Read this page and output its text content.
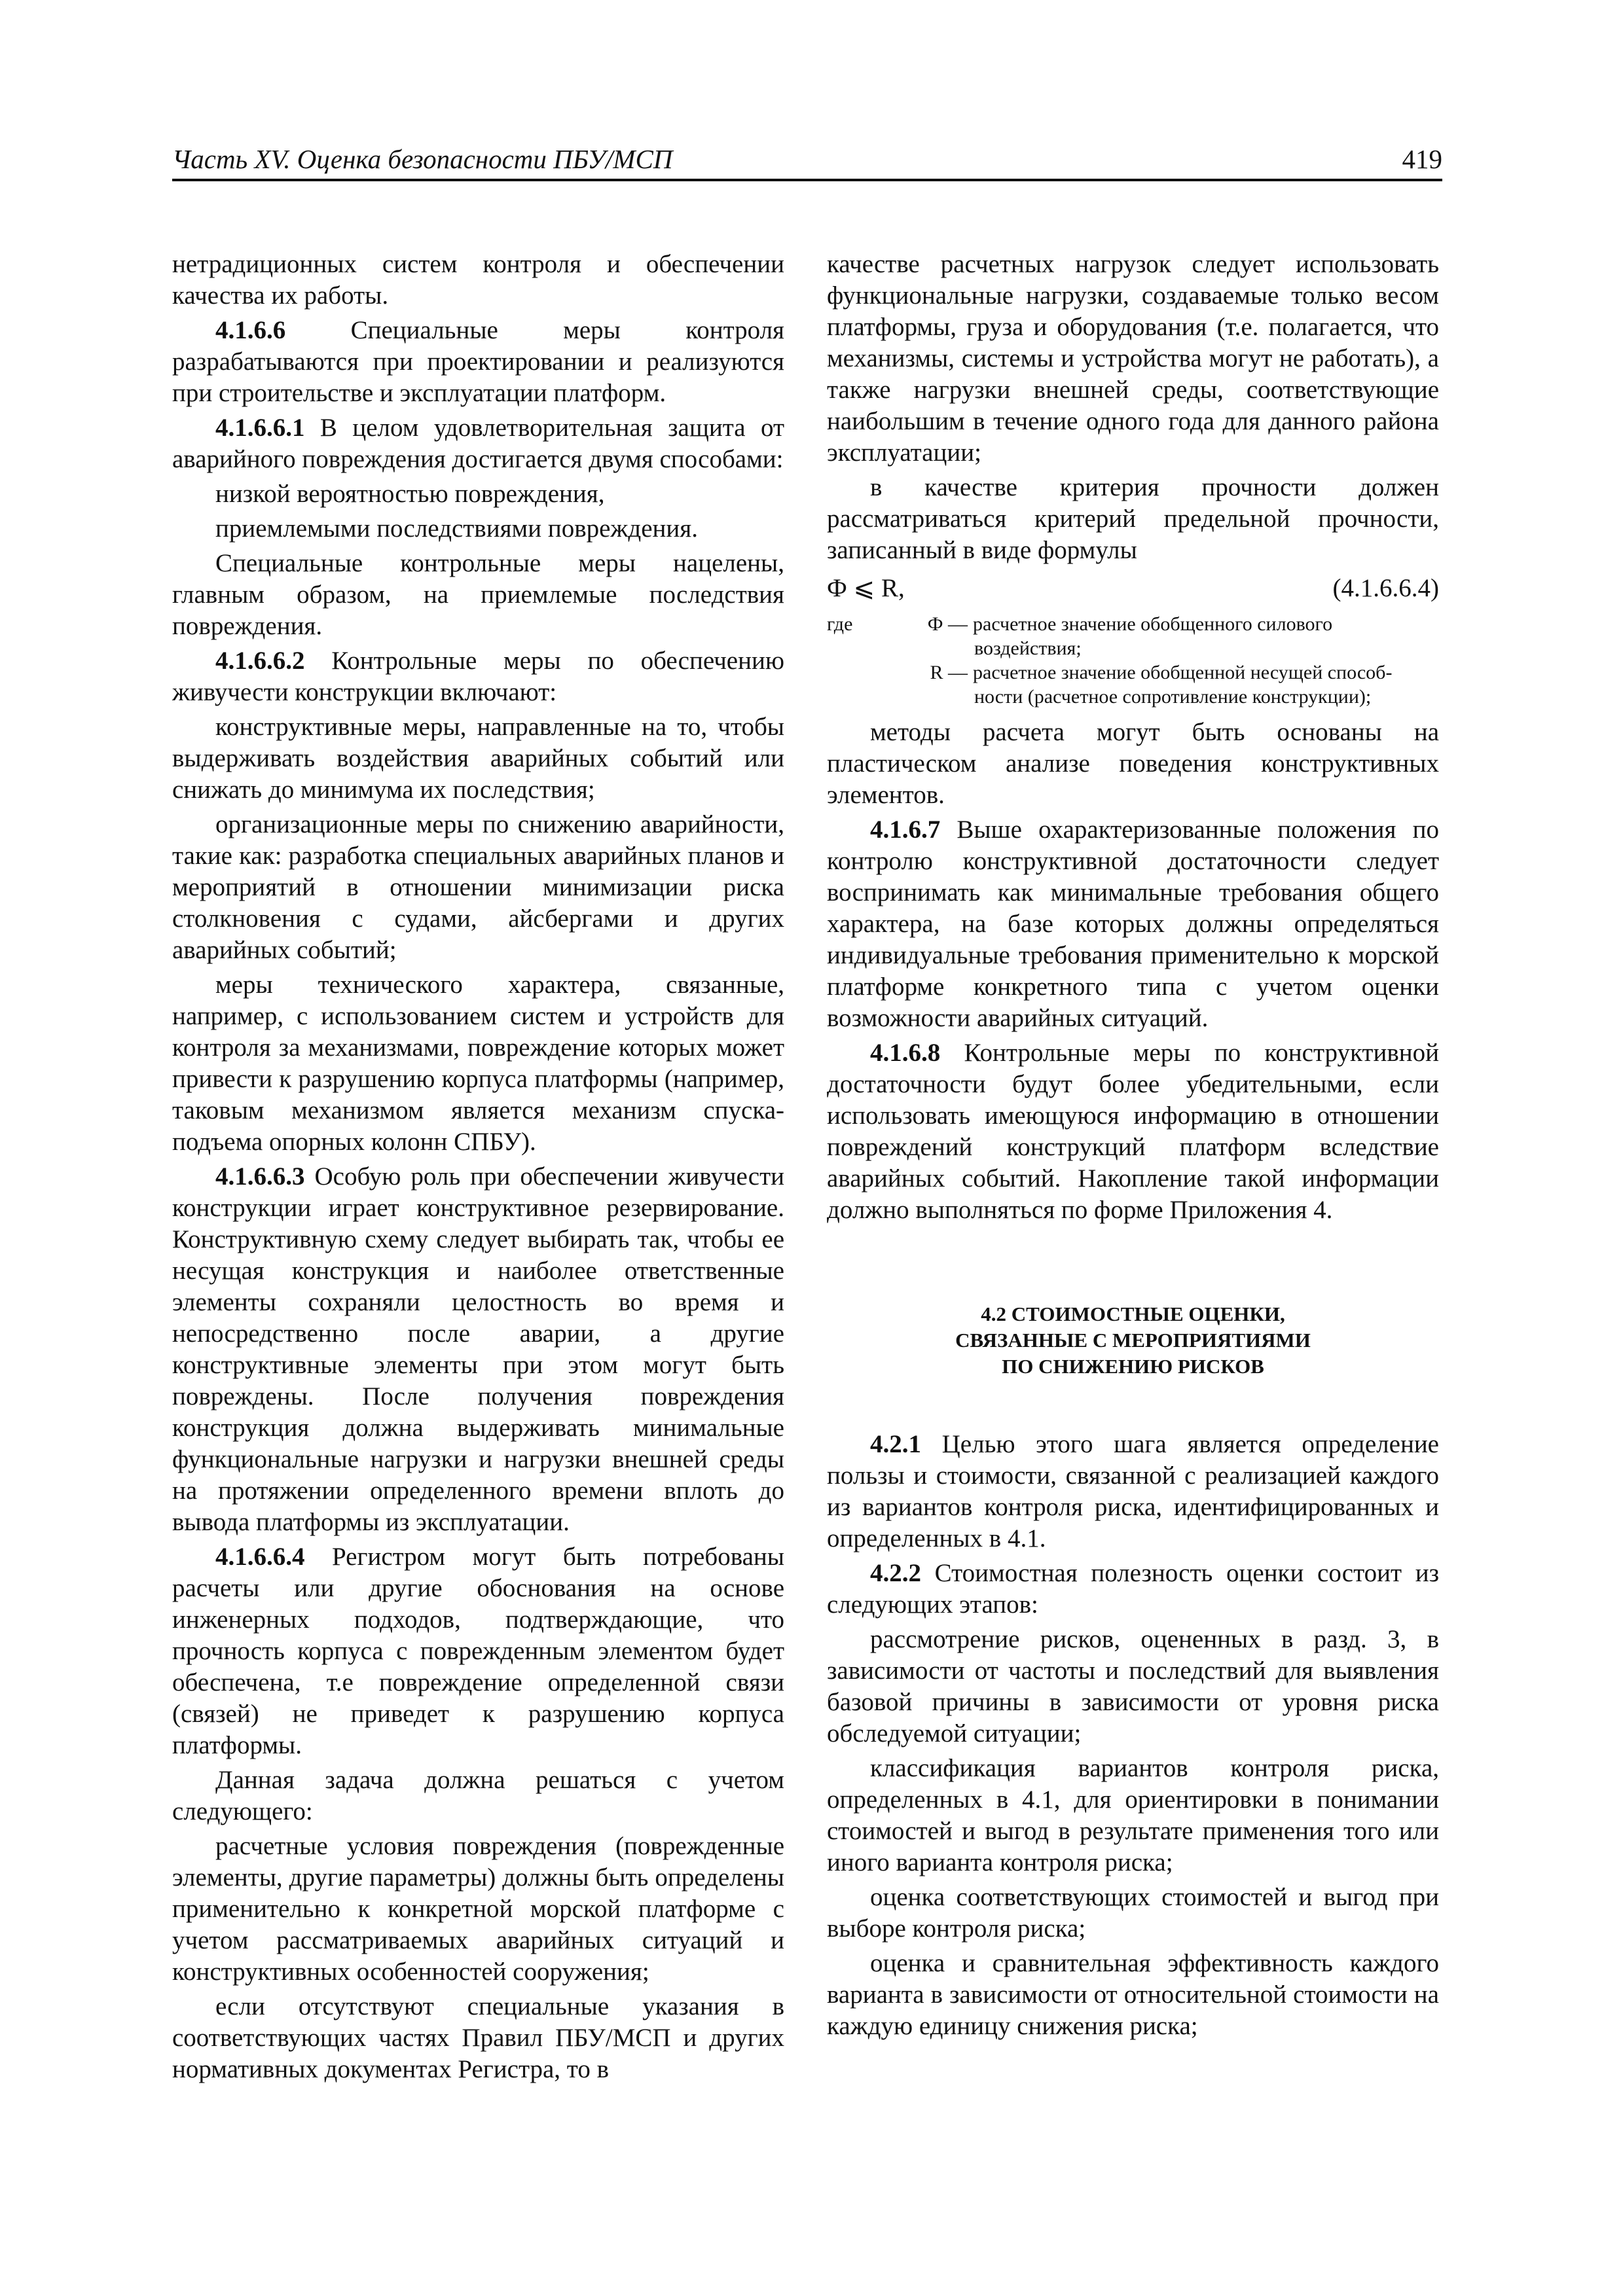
Часть XV. Оценка безопасности ПБУ/МСП	419

нетрадиционных систем контроля и обеспечении качества их работы.

4.1.6.6 Специальные меры контроля разрабатываются при проектировании и реализуются при строительстве и эксплуатации платформ.

4.1.6.6.1 В целом удовлетворительная защита от аварийного повреждения достигается двумя способами:

низкой вероятностью повреждения,

приемлемыми последствиями повреждения.

Специальные контрольные меры нацелены, главным образом, на приемлемые последствия повреждения.

4.1.6.6.2 Контрольные меры по обеспечению живучести конструкции включают:

конструктивные меры, направленные на то, чтобы выдерживать воздействия аварийных событий или снижать до минимума их последствия;

организационные меры по снижению аварийности, такие как: разработка специальных аварийных планов и мероприятий в отношении минимизации риска столкновения с судами, айсбергами и других аварийных событий;

меры технического характера, связанные, например, с использованием систем и устройств для контроля за механизмами, повреждение которых может привести к разрушению корпуса платформы (например, таковым механизмом является механизм спуска-подъема опорных колонн СПБУ).

4.1.6.6.3 Особую роль при обеспечении живучести конструкции играет конструктивное резервирование. Конструктивную схему следует выбирать так, чтобы ее несущая конструкция и наиболее ответственные элементы сохраняли целостность во время и непосредственно после аварии, а другие конструктивные элементы при этом могут быть повреждены. После получения повреждения конструкция должна выдерживать минимальные функциональные нагрузки и нагрузки внешней среды на протяжении определенного времени вплоть до вывода платформы из эксплуатации.

4.1.6.6.4 Регистром могут быть потребованы расчеты или другие обоснования на основе инженерных подходов, подтверждающие, что прочность корпуса с поврежденным элементом будет обеспечена, т.е повреждение определенной связи (связей) не приведет к разрушению корпуса платформы.

Данная задача должна решаться с учетом следующего:

расчетные условия повреждения (поврежденные элементы, другие параметры) должны быть определены применительно к конкретной морской платформе с учетом рассматриваемых аварийных ситуаций и конструктивных особенностей сооружения;

если отсутствуют специальные указания в соответствующих частях Правил ПБУ/МСП и других нормативных документах Регистра, то в

качестве расчетных нагрузок следует использовать функциональные нагрузки, создаваемые только весом платформы, груза и оборудования (т.е. полагается, что механизмы, системы и устройства могут не работать), а также нагрузки внешней среды, соответствующие наибольшим в течение одного года для данного района эксплуатации;

в качестве критерия прочности должен рассматриваться критерий предельной прочности, записанный в виде формулы

Ф ⩽ R,	(4.1.6.6.4)
где	Ф — расчетное значение обобщенного силового
воздействия;
R — расчетное значение обобщенной несущей способ-
ности (расчетное сопротивление конструкции);

методы расчета могут быть основаны на пластическом анализе поведения конструктивных элементов.

4.1.6.7 Выше охарактеризованные положения по контролю конструктивной достаточности следует воспринимать как минимальные требования общего характера, на базе которых должны определяться индивидуальные требования применительно к морской платформе конкретного типа с учетом оценки возможности аварийных ситуаций.

4.1.6.8 Контрольные меры по конструктивной достаточности будут более убедительными, если использовать имеющуюся информацию в отношении повреждений конструкций платформ вследствие аварийных событий. Накопление такой информации должно выполняться по форме Приложения 4.

4.2 СТОИМОСТНЫЕ ОЦЕНКИ,
СВЯЗАННЫЕ С МЕРОПРИЯТИЯМИ
ПО СНИЖЕНИЮ РИСКОВ

4.2.1 Целью этого шага является определение пользы и стоимости, связанной с реализацией каждого из вариантов контроля риска, идентифицированных и определенных в 4.1.

4.2.2 Стоимостная полезность оценки состоит из следующих этапов:

рассмотрение рисков, оцененных в разд. 3, в зависимости от частоты и последствий для выявления базовой причины в зависимости от уровня риска обследуемой ситуации;

классификация вариантов контроля риска, определенных в 4.1, для ориентировки в понимании стоимостей и выгод в результате применения того или иного варианта контроля риска;

оценка соответствующих стоимостей и выгод при выборе контроля риска;

оценка и сравнительная эффективность каждого варианта в зависимости от относительной стоимости на каждую единицу снижения риска;
